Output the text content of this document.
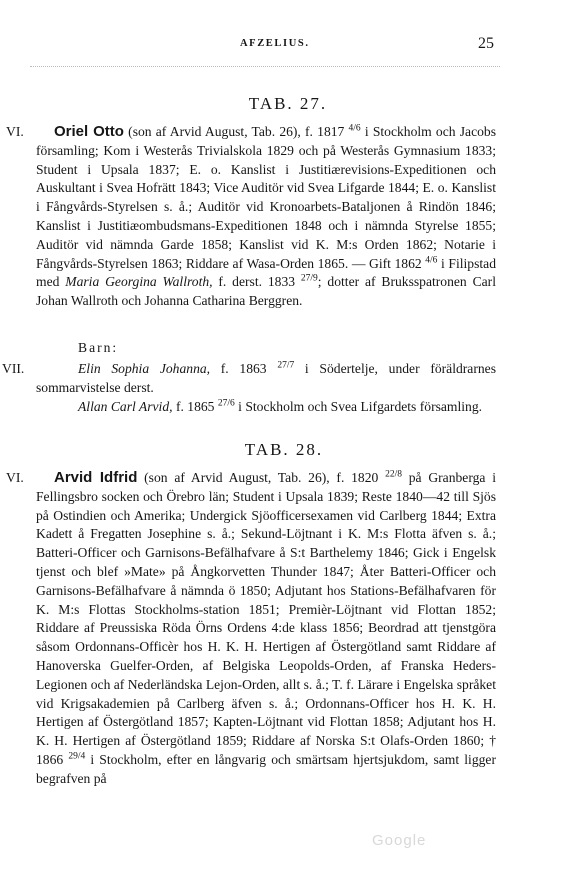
AFZELIUS.	25
TAB. 27.
VI. Oriel Otto (son af Arvid August, Tab. 26), f. 1817 $^{4/6}$ i Stockholm och Jacobs församling; Kom i Westerås Trivialskola 1829 och på Westerås Gymnasium 1833; Student i Upsala 1837; E. o. Kanslist i Justitiærevisions-Expeditionen och Auskultant i Svea Hofrätt 1843; Vice Auditör vid Svea Lifgarde 1844; E. o. Kanslist i Fångvårds-Styrelsen s. å.; Auditör vid Kronoarbets-Bataljonen å Rindön 1846; Kanslist i Justitiæombudsmans-Expeditionen 1848 och i nämnda Styrelse 1855; Auditör vid nämnda Garde 1858; Kanslist vid K. M:s Orden 1862; Notarie i Fångvårds-Styrelsen 1863; Riddare af Wasa-Orden 1865. — Gift 1862 $^{4/6}$ i Filipstad med Maria Georgina Wallroth, f. derst. 1833 $^{27/9}$; dotter af Bruksspatronen Carl Johan Wallroth och Johanna Catharina Berggren.
Barn:
VII.	Elin Sophia Johanna, f. 1863 $^{27/7}$ i Södertelje, under föräldrarnes sommarvistelse derst.
Allan Carl Arvid, f. 1865 $^{27/6}$ i Stockholm och Svea Lifgardets församling.
TAB. 28.
VI. Arvid Idfrid (son af Arvid August, Tab. 26), f. 1820 $^{22/8}$ på Granberga i Fellingsbro socken och Örebro län; Student i Upsala 1839; Reste 1840—42 till Sjös på Ostindien och Amerika; Undergick Sjöofficersexamen vid Carlberg 1844; Extra Kadett å Fregatten Josephine s. å.; Sekund-Löjtnant i K. M:s Flotta äfven s. å.; Batteri-Officer och Garnisons-Befälhafvare å S:t Barthelemy 1846; Gick i Engelsk tjenst och blef »Mate» på Ångkorvetten Thunder 1847; Åter Batteri-Officer och Garnisons-Befälhafvare å nämnda ö 1850; Adjutant hos Stations-Befälhafvaren för K. M:s Flottas Stockholms-station 1851; Premièr-Löjtnant vid Flottan 1852; Riddare af Preussiska Röda Örns Ordens 4:de klass 1856; Beordrad att tjenstgöra såsom Ordonnans-Officèr hos H. K. H. Hertigen af Östergötland samt Riddare af Hanoverska Guelfer-Orden, af Belgiska Leopolds-Orden, af Franska Heders-Legionen och af Nederländska Lejon-Orden, allt s. å.; T. f. Lärare i Engelska språket vid Krigsakademien på Carlberg äfven s. å.; Ordonnans-Officer hos H. K. H. Hertigen af Östergötland 1857; Kapten-Löjtnant vid Flottan 1858; Adjutant hos H. K. H. Hertigen af Östergötland 1859; Riddare af Norska S:t Olafs-Orden 1860; † 1866 $^{29/4}$ i Stockholm, efter en långvarig och smärtsam hjertsjukdom, samt ligger begrafven på
Google
